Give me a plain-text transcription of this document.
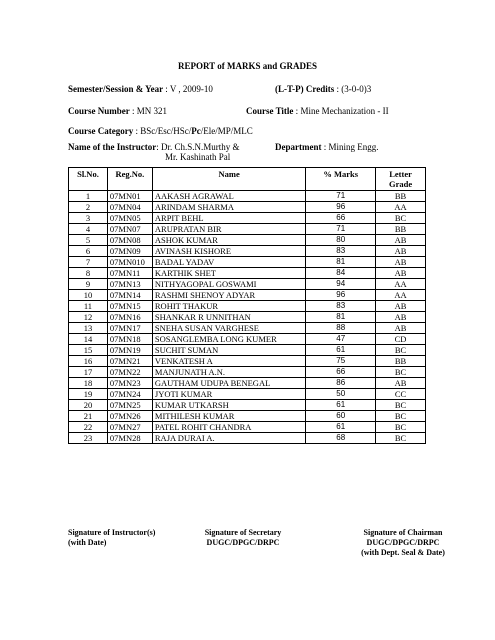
REPORT of MARKS and GRADES
Semester/Session & Year : V , 2009-10	(L-T-P) Credits : (3-0-0)3
Course Number : MN 321	Course Title : Mine Mechanization - II
Course Category : BSc/Esc/HSc/Pc/Ele/MP/MLC
Name of the Instructor: Dr. Ch.S.N.Murthy &
Mr. Kashinath Pal
Department : Mining Engg.
Sl.No.	Reg.No.	Name	% Marks	Letter Grade
1	07MN01	AAKASH AGRAWAL	71	BB
2	07MN04	ARINDAM SHARMA	96	AA
3	07MN05	ARPIT BEHL	66	BC
4	07MN07	ARUPRATAN BIR	71	BB
5	07MN08	ASHOK KUMAR	80	AB
6	07MN09	AVINASH KISHORE	83	AB
7	07MN010	BADAL YADAV	81	AB
8	07MN11	KARTHIK SHET	84	AB
9	07MN13	NITHYAGOPAL GOSWAMI	94	AA
10	07MN14	RASHMI SHENOY ADYAR	96	AA
11	07MN15	ROHIT THAKUR	83	AB
12	07MN16	SHANKAR R UNNITHAN	81	AB
13	07MN17	SNEHA SUSAN VARGHESE	88	AB
14	07MN18	SOSANGLEMBA LONG KUMER	47	CD
15	07MN19	SUCHIT SUMAN	61	BC
16	07MN21	VENKATESH A	75	BB
17	07MN22	MANJUNATH A.N.	66	BC
18	07MN23	GAUTHAM UDUPA BENEGAL	86	AB
19	07MN24	JYOTI KUMAR	50	CC
20	07MN25	KUMAR UTKARSH	61	BC
21	07MN26	MITHILESH KUMAR	60	BC
22	07MN27	PATEL ROHIT CHANDRA	61	BC
23	07MN28	RAJA DURAI A.	68	BC
Signature of Instructor(s)
(with Date)
Signature of Secretary
DUGC/DPGC/DRPC
Signature of Chairman
DUGC/DPGC/DRPC
(with Dept. Seal & Date)
